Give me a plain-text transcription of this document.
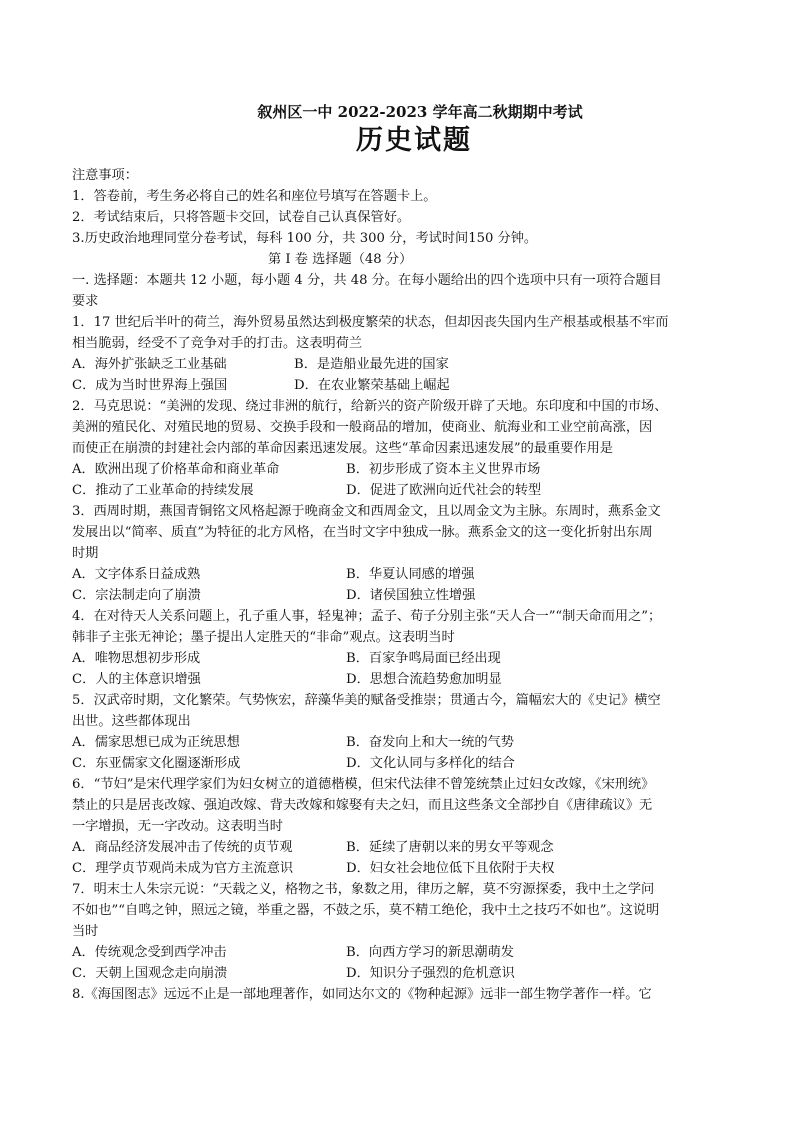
叙州区一中 2022-2023 学年高二秋期期中考试
历史试题
注意事项：
1．答卷前，考生务必将自己的姓名和座位号填写在答题卡上。
2．考试结束后，只将答题卡交回，试卷自己认真保管好。
3.历史政治地理同堂分卷考试，每科 100 分，共 300 分，考试时间150 分钟。
第 I 卷 选择题（48 分）
一. 选择题：本题共 12 小题，每小题 4 分，共 48 分。在每小题给出的四个选项中只有一项符合题目
要求
1．17 世纪后半叶的荷兰，海外贸易虽然达到极度繁荣的状态，但却因丧失国内生产根基或根基不牢而
相当脆弱，经受不了竞争对手的打击。这表明荷兰
A．海外扩张缺乏工业基础	B．是造船业最先进的国家
C．成为当时世界海上强国	D．在农业繁荣基础上崛起
2．马克思说：“美洲的发现、绕过非洲的航行，给新兴的资产阶级开辟了天地。东印度和中国的市场、
美洲的殖民化、对殖民地的贸易、交换手段和一般商品的增加，使商业、航海业和工业空前高涨，因
而使正在崩溃的封建社会内部的革命因素迅速发展。这些“革命因素迅速发展”的最重要作用是
A．欧洲出现了价格革命和商业革命	B．初步形成了资本主义世界市场
C．推动了工业革命的持续发展	D．促进了欧洲向近代社会的转型
3．西周时期，燕国青铜铭文风格起源于晚商金文和西周金文，且以周金文为主脉。东周时，燕系金文
发展出以“简率、质直”为特征的北方风格，在当时文字中独成一脉。燕系金文的这一变化折射出东周
时期
A．文字体系日益成熟	B．华夏认同感的增强
C．宗法制走向了崩溃	D．诸侯国独立性增强
4．在对待天人关系问题上，孔子重人事，轻鬼神；孟子、荀子分别主张“天人合一”“制天命而用之”；
韩非子主张无神论；墨子提出人定胜天的“非命”观点。这表明当时
A．唯物思想初步形成	B．百家争鸣局面已经出现
C．人的主体意识增强	D．思想合流趋势愈加明显
5．汉武帝时期，文化繁荣。气势恢宏，辞藻华美的赋备受推崇；贯通古今，篇幅宏大的《史记》横空
出世。这些都体现出
A．儒家思想已成为正统思想	B．奋发向上和大一统的气势
C．东亚儒家文化圈逐渐形成	D．文化认同与多样化的结合
6．“节妇”是宋代理学家们为妇女树立的道德楷模，但宋代法律不曾笼统禁止过妇女改嫁，《宋刑统》
禁止的只是居丧改嫁、强迫改嫁、背夫改嫁和嫁娶有夫之妇，而且这些条文全部抄自《唐律疏议》无
一字增损，无一字改动。这表明当时
A．商品经济发展冲击了传统的贞节观	B．延续了唐朝以来的男女平等观念
C．理学贞节观尚未成为官方主流意识	D．妇女社会地位低下且依附于夫权
7．明末士人朱宗元说：“天载之义，格物之书，象数之用，律历之解，莫不穷源探委，我中土之学问
不如也”“自鸣之钟，照远之镜，举重之器，不鼓之乐，莫不精工绝伦，我中土之技巧不如也”。这说明
当时
A．传统观念受到西学冲击	B．向西方学习的新思潮萌发
C．天朝上国观念走向崩溃	D．知识分子强烈的危机意识
8.《海国图志》远远不止是一部地理著作，如同达尔文的《物种起源》远非一部生物学著作一样。它
